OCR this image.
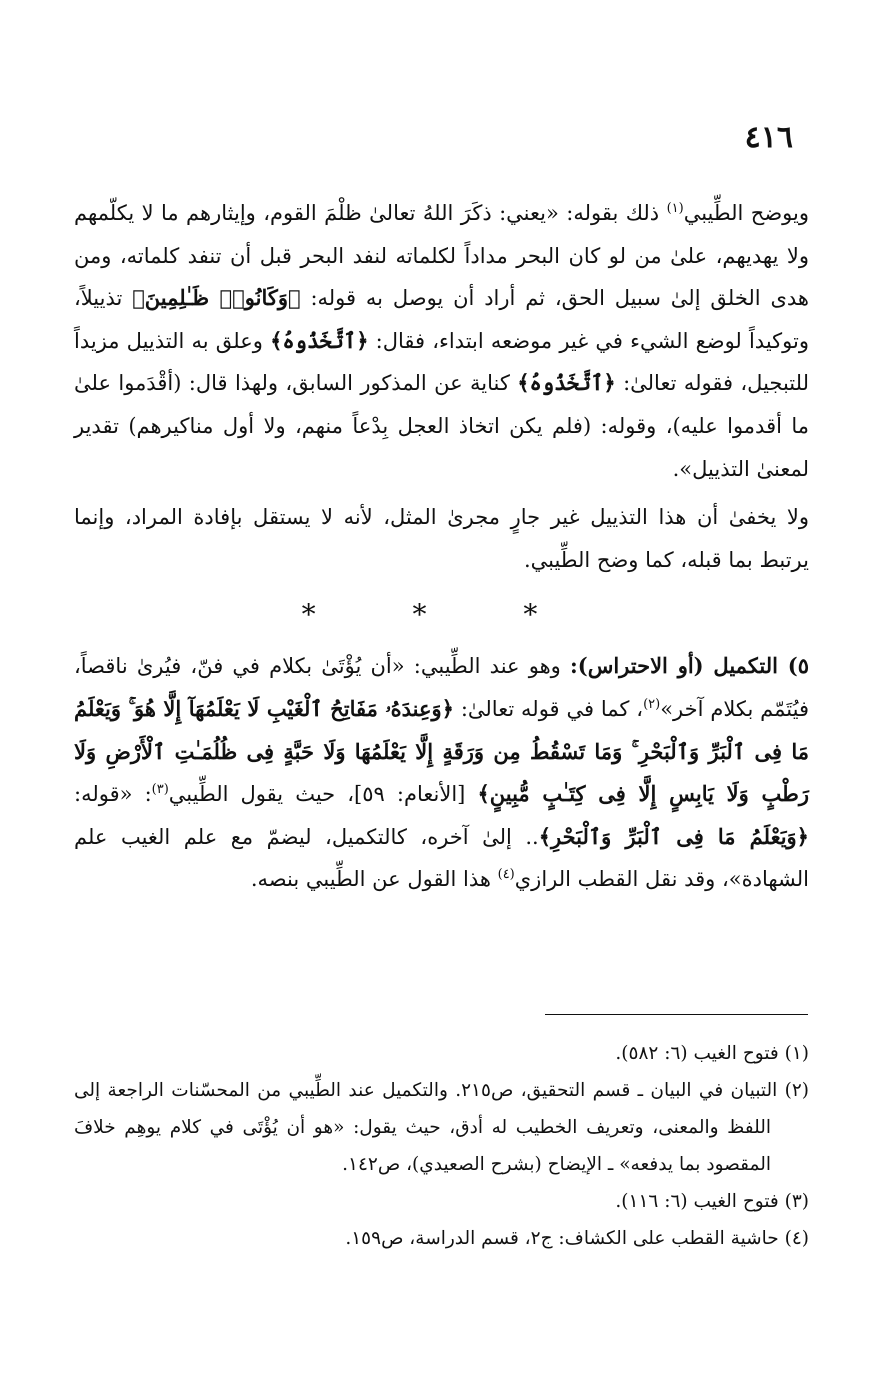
٤١٦

ويوضح الطِّيبي$^{(١)}$ ذلك بقوله: «يعني: ذكَرَ اللهُ تعالىٰ ظلْمَ القوم، وإيثارهم ما لا يكلّمهم ولا يهديهم، علىٰ من لو كان البحر مداداً لكلماته لنفد البحر قبل أن تنفد كلماته، ومن هدى الخلق إلىٰ سبيل الحق، ثم أراد أن يوصل به قوله: ﴿وَكَانُوا۟ ظَـٰلِمِينَ﴾ تذييلاً، وتوكيداً لوضع الشيء في غير موضعه ابتداء، فقال: ﴿ٱتَّخَذُوهُ﴾ وعلق به التذييل مزيداً للتبجيل، فقوله تعالىٰ: ﴿ٱتَّخَذُوهُ﴾ كناية عن المذكور السابق، ولهذا قال: (أقْدَموا علىٰ ما أقدموا عليه)، وقوله: (فلم يكن اتخاذ العجل بِدْعاً منهم، ولا أول مناكيرهم) تقدير لمعنىٰ التذييل».

ولا يخفىٰ أن هذا التذييل غير جارٍ مجرىٰ المثل، لأنه لا يستقل بإفادة المراد، وإنما يرتبط بما قبله، كما وضح الطِّيبي.

* * *

٥) التكميل (أو الاحتراس): وهو عند الطِّيبي: «أن يُؤْتَىٰ بكلام في فنّ، فيُرىٰ ناقصاً، فيُتَمّم بكلام آخر»$^{(٢)}$، كما في قوله تعالىٰ: ﴿وَعِندَهُۥ مَفَاتِحُ ٱلْغَيْبِ لَا يَعْلَمُهَآ إِلَّا هُوَ ۚ وَيَعْلَمُ مَا فِى ٱلْبَرِّ وَٱلْبَحْرِ ۚ وَمَا تَسْقُطُ مِن وَرَقَةٍ إِلَّا يَعْلَمُهَا وَلَا حَبَّةٍ فِى ظُلُمَـٰتِ ٱلْأَرْضِ وَلَا رَطْبٍ وَلَا يَابِسٍ إِلَّا فِى كِتَـٰبٍ مُّبِينٍ﴾ [الأنعام: ٥٩]، حيث يقول الطِّيبي$^{(٣)}$: «قوله: ﴿وَيَعْلَمُ مَا فِى ٱلْبَرِّ وَٱلْبَحْرِ﴾.. إلىٰ آخره، كالتكميل، ليضمّ مع علم الغيب علم الشهادة»، وقد نقل القطب الرازي$^{(٤)}$ هذا القول عن الطِّيبي بنصه.

(١) فتوح الغيب (٦: ٥٨٢).

(٢) التبيان في البيان ـ قسم التحقيق، ص٢١٥. والتكميل عند الطِّيبي من المحسّنات الراجعة إلى اللفظ والمعنى، وتعريف الخطيب له أدق، حيث يقول: «هو أن يُؤْتَى في كلام يوهِم خلافَ المقصود بما يدفعه» ـ الإيضاح (بشرح الصعيدي)، ص١٤٢.

(٣) فتوح الغيب (٦: ١١٦).

(٤) حاشية القطب على الكشاف: ج٢، قسم الدراسة، ص١٥٩.
